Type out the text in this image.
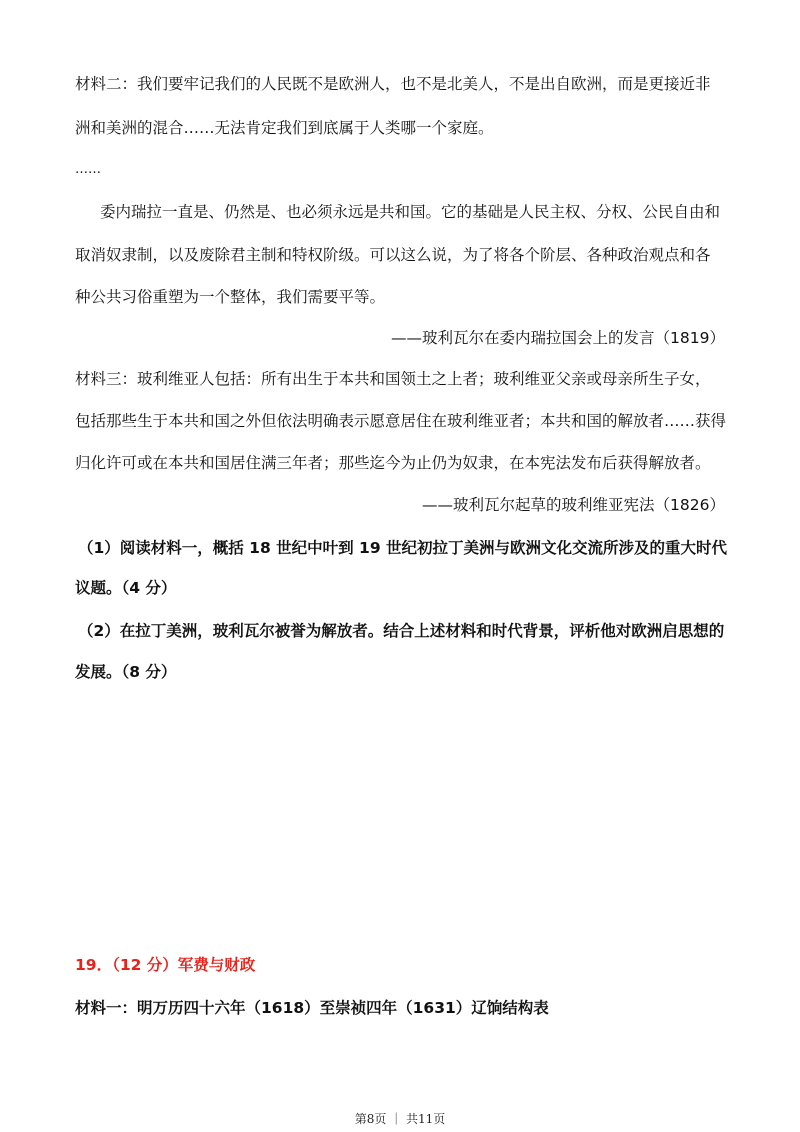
材料二：我们要牢记我们的人民既不是欧洲人，也不是北美人，不是出自欧洲，而是更接近非
洲和美洲的混合……无法肯定我们到底属于人类哪一个家庭。
……
委内瑞拉一直是、仍然是、也必须永远是共和国。它的基础是人民主权、分权、公民自由和
取消奴隶制，以及废除君主制和特权阶级。可以这么说，为了将各个阶层、各种政治观点和各
种公共习俗重塑为一个整体，我们需要平等。
——玻利瓦尔在委内瑞拉国会上的发言（1819）
材料三：玻利维亚人包括：所有出生于本共和国领土之上者；玻利维亚父亲或母亲所生子女，
包括那些生于本共和国之外但依法明确表示愿意居住在玻利维亚者；本共和国的解放者……获得
归化许可或在本共和国居住满三年者；那些迄今为止仍为奴隶，在本宪法发布后获得解放者。
——玻利瓦尔起草的玻利维亚宪法（1826）
（1）阅读材料一，概括 18 世纪中叶到 19 世纪初拉丁美洲与欧洲文化交流所涉及的重大时代
议题。（4 分）
（2）在拉丁美洲，玻利瓦尔被誉为解放者。结合上述材料和时代背景，评析他对欧洲启思想的
发展。（8 分）
19．（12 分）军费与财政
材料一：明万历四十六年（1618）至崇祯四年（1631）辽饷结构表
第8页 ｜ 共11页
